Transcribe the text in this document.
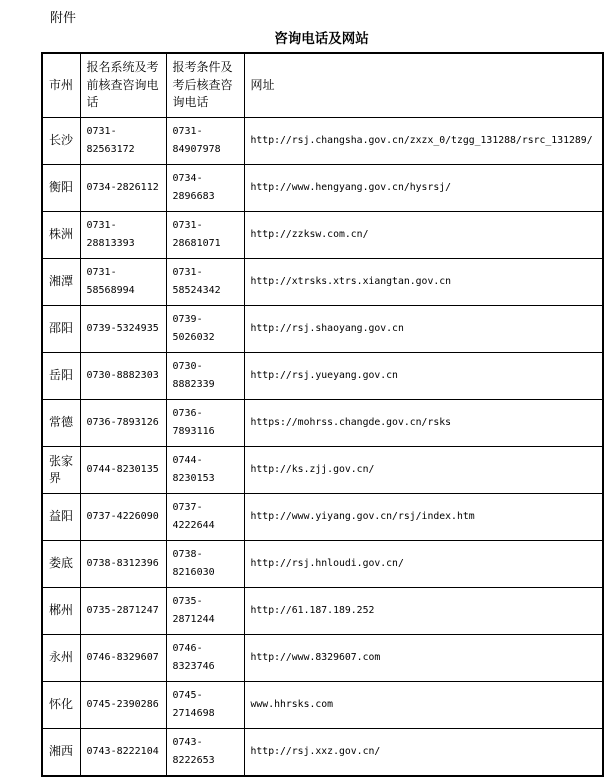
附件
咨询电话及网站
市州	报名系统及考前核查咨询电话	报考条件及考后核查咨询电话	网址
长沙	0731-82563172	0731-84907978	http://rsj.changsha.gov.cn/zxzx_0/tzgg_131288/rsrc_131289/
衡阳	0734-2826112	0734-2896683	http://www.hengyang.gov.cn/hysrsj/
株洲	0731-28813393	0731-28681071	http://zzksw.com.cn/
湘潭	0731-58568994	0731-58524342	http://xtrsks.xtrs.xiangtan.gov.cn
邵阳	0739-5324935	0739-5026032	http://rsj.shaoyang.gov.cn
岳阳	0730-8882303	0730-8882339	http://rsj.yueyang.gov.cn
常德	0736-7893126	0736-7893116	https://mohrss.changde.gov.cn/rsks
张家界	0744-8230135	0744-8230153	http://ks.zjj.gov.cn/
益阳	0737-4226090	0737-4222644	http://www.yiyang.gov.cn/rsj/index.htm
娄底	0738-8312396	0738-8216030	http://rsj.hnloudi.gov.cn/
郴州	0735-2871247	0735-2871244	http://61.187.189.252
永州	0746-8329607	0746-8323746	http://www.8329607.com
怀化	0745-2390286	0745-2714698	www.hhrsks.com
湘西	0743-8222104	0743-8222653	http://rsj.xxz.gov.cn/
